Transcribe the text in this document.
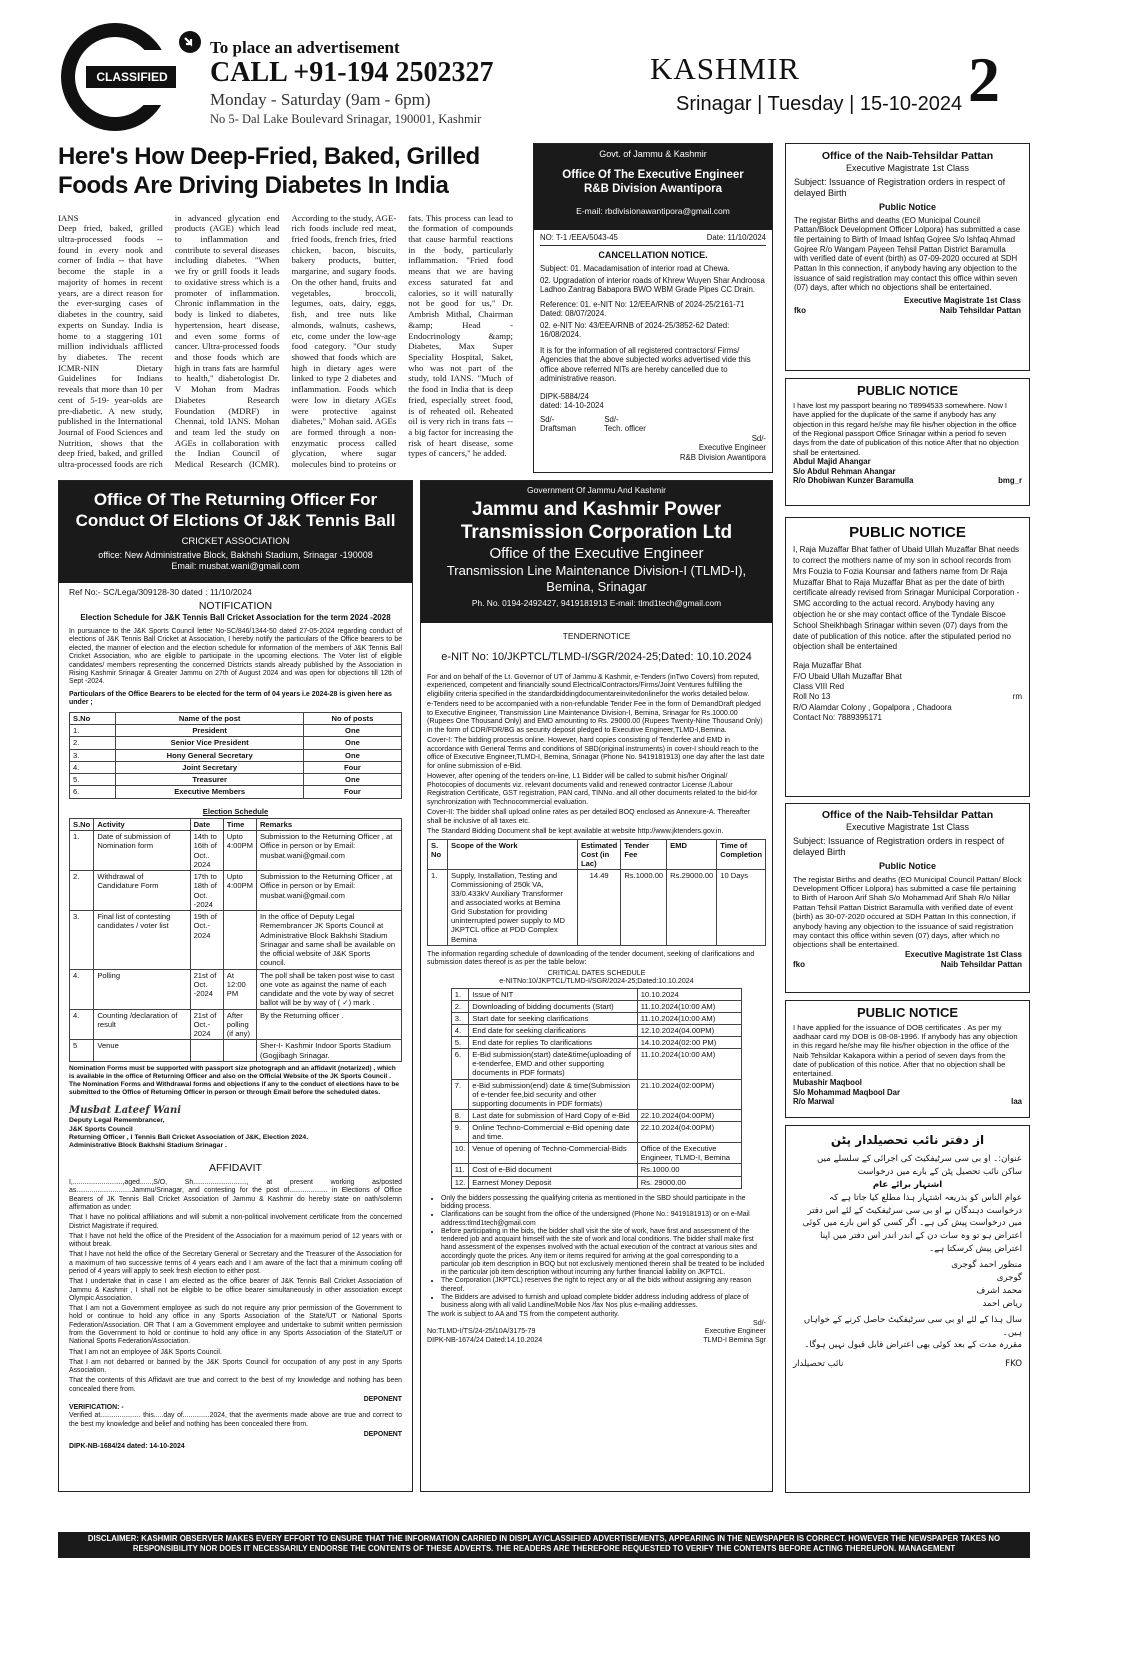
CLASSIFIED
To place an advertisement
CALL +91-194 2502327
Monday - Saturday (9am - 6pm)
No 5- Dal Lake Boulevard Srinagar, 190001, Kashmir
KASHMIR
Srinagar | Tuesday | 15-10-2024 2
Here's How Deep-Fried, Baked, Grilled
Foods Are Driving Diabetes In India
IANS
Deep fried, baked, grilled ultra-processed foods -- found in every nook and corner of India -- that have become the staple in a majority of homes in recent years, are a direct reason for the ever-surging cases of diabetes in the country, said experts on Sunday. India is home to a staggering 101 million individuals afflicted by diabetes. The recent ICMR-NIN Dietary Guidelines for Indians reveals that more than 10 per cent of 5-19- year-olds are pre-diabetic. A new study, published in the International Journal of Food Sciences and Nutrition, shows that the deep fried, baked, and grilled ultra-processed foods are rich in advanced glycation end products (AGE) which lead to inflammation and contribute to several diseases including diabetes. "When we fry or grill foods it leads to oxidative stress which is a promoter of inflammation. Chronic inflammation in the body is linked to diabetes, hypertension, heart disease, and even some forms of cancer. Ultra-processed foods and those foods which are high in trans fats are harmful to health," diabetologist Dr. V Mohan from Madras Diabetes Research Foundation (MDRF) in Chennai, told IANS. Mohan and team led the study on AGEs in collaboration with the Indian Council of Medical Research (ICMR). According to the study, AGE-rich foods include red meat, fried foods, french fries, fried chicken, bacon, biscuits, bakery products, butter, margarine, and sugary foods. On the other hand, fruits and vegetables, broccoli, legumes, oats, dairy, eggs, fish, and tree nuts like almonds, walnuts, cashews, etc, come under the low-age food category. "Our study showed that foods which are high in dietary ages were linked to type 2 diabetes and inflammation. Foods which were low in dietary AGEs were protective against diabetes," Mohan said. AGEs are formed through a non-enzymatic process called glycation, where sugar molecules bind to proteins or fats. This process can lead to the formation of compounds that cause harmful reactions in the body, particularly inflammation. "Fried food means that we are having excess saturated fat and calories, so it will naturally not be good for us," Dr. Ambrish Mithal, Chairman &amp; Head - Endocrinology &amp; Diabetes, Max Super Speciality Hospital, Saket, who was not part of the study, told IANS. "Much of the food in India that is deep fried, especially street food, is of reheated oil. Reheated oil is very rich in trans fats -- a big factor for increasing the risk of heart disease, some types of cancers," he added.
Govt. of Jammu & Kashmir
Office Of The Executive Engineer
R&B Division Awantipora
E-mail: rbdivisionawantipora@gmail.com
NO: T-1 /EEA/5043-45	Date: 11/10/2024
CANCELLATION NOTICE.

Subject: 01. Macadamisation of interior road at Chewa.

02. Upgradation of interior roads of Khrew Wuyen Shar Androosa Ladhoo Zantrag Babapora BWO WBM Grade Pipes CC Drain.

Reference: 01. e-NIT No: 12/EEA/RNB of 2024-25/2161-71 Dated: 08/07/2024.

02. e-NIT No: 43/EEA/RNB of 2024-25/3852-62 Dated: 16/08/2024.

It is for the information of all registered contractors/ Firms/ Agencies that the above subjected works advertised vide this office above referred NITs are hereby cancelled due to administrative reason.

DIPK-5884/24
dated: 14-10-2024
Sd/-	Sd/-
Draftsman	Tech. officer
Sd/-
Executive Engineer
R&B Division Awantipora
Office of the Naib-Tehsildar Pattan
Executive Magistrate 1st Class
Subject: Issuance of Registration orders in respect of delayed Birth
Public Notice
The registar Births and deaths (EO Municipal Council Pattan/Block Development Officer Lolpora) has submitted a case file pertaining to Birth of Imaad Ishfaq Gojree S/o Ishfaq Ahmad Gojree R/o Wangam Payeen Tehsil Pattan District Baramulla with verified date of event (birth) as 07-09-2020 occured at SDH Pattan In this connection, if anybody having any objection to the issuance of said registration may contact this office within seven (07) days, after which no objections shall be entertained.
Executive Magistrate 1st Class
fko	Naib Tehsildar Pattan
PUBLIC NOTICE
I have lost my passport bearing no T8994533 somewhere. Now I have applied for the duplicate of the same if anybody has any objection in this regard he/she may file his/her objection in the office of the Regional passport Office Srinagar within a period fo seven days from the date of publication of this notice After that no objection shall be entertained.
Abdul Majid Ahangar
S/o Abdul Rehman Ahangar
R/o Dhobiwan Kunzer Baramulla	bmg_r
Office Of The Returning Officer For
Conduct Of Elctions Of J&K Tennis Ball
CRICKET ASSOCIATION
office: New Administrative Block, Bakhshi Stadium, Srinagar -190008
Email: musbat.wani@gmail.com
Ref No:- SC/Lega/309128-30 dated : 11/10/2024
NOTIFICATION
Election Schedule for J&K Tennis Ball Cricket Association for the term 2024 -2028

In pursuance to the J&K Sports Council letter No-SC/846/1344-50 dated 27-05-2024 regarding conduct of elections of J&K Tennis Ball Cricket at Association, I hereby notify the particulars of the Office bearers to be elected, the manner of election and the election schedule for information of the members of J&K Tennis Ball Cricket Association, who are eligible to participate in the upcoming elections. The Voter list of eligible candidates/ members representing the concerned Districts stands already published by the Association in Rising Kashmir Srinagar & Greater Jammu on 27th of August 2024 and was open for objections till 12th of Sept -2024.

Particulars of the Office Bearers to be elected for the term of 04 years i.e 2024-28 is given here as under ;
S.No	Name of the post	No of posts
1.	President	One
2.	Senior Vice President	One
3.	Hony General Secretary	One
4.	Joint Secretary	Four
5.	Treasurer	One
6.	Executive Members	Four
Election Schedule
S.No	Activity	Date	Time	Remarks
1.	Date of submission of Nomination form	14th to 16th of Oct.. 2024	Upto 4:00PM	Submission to the Returning Officer , at Office in person or by Email: musbat.wani@gmail.com
2.	Withdrawal of Candidature Form	17th to 18th of Oct. -2024	Upto 4:00PM	Submission to the Returning Officer , at Office in person or by Email: musbat.wani@gmail.com
3.	Final list of contesting candidates / voter list	19th of Oct.- 2024		In the office of Deputy Legal Remembrancer JK Sports Council at Administrative Block Bakhshi Stadium Srinagar and same shall be available on the official website of J&K Sports council.
4.	Polling	21st of Oct. -2024	At 12:00 PM	The poll shall be taken post wise to cast one vote as against the name of each candidate and the vote by way of secret ballot will be by way of ( ✓) mark .
4.	Counting /declaration of result	21st of Oct.- 2024	After polling (if any)	By the Returning officer .
5	Venue			Sher-I- Kashmir Indoor Sports Stadium (Gogjibagh Srinagar.

Nomination Forms must be supported with passport size photograph and an affidavit (notarized) , which is available in the office of Returning Officer and also on the Official Website of the JK Sports Council . The Nomination Forms and Withdrawal forms and objections if any to the conduct of elections have to be submitted to the Office of Returning Officer in person or through Email before the scheduled dates.

Musbat Lateef Wani
Deputy Legal Remembrancer,
J&K Sports Council
Returning Officer , I Tennis Ball Cricket Association of J&K, Election 2024.
Administrative Block Bakhshi Stadium Srinagar .
AFFIDAVIT

I,..........................,aged......,S/O, Sh............................, at present working as/posted as.............................Jammu/Srinagar, and contesting for the post of.................... in Elections of Office Bearers of JK Tennis Ball Cricket Association of Jammu & Kashmir do hereby state on oath/solemn affirmation as under:

That I have no political affiliations and will submit a non-political involvement certificate from the concerned District Magistrate if required.

That I have not held the office of the President of the Association for a maximum period of 12 years with or without break.

That I have not held the office of the Secretary General or Secretary and the Treasurer of the Association for a maximum of two successive terms of 4 years each and I am aware of the fact that a minimum cooling off period of 4 years will apply to seek fresh election to either post.

That I undertake that in case I am elected as the office bearer of J&K Tennis Ball Cricket Association of Jammu & Kashmir , I shall not be eligible to be office bearer simultaneously in other association except Olympic Association.

That I am not a Government employee as such do not require any prior permission of the Government to hold or continue to hold any office in any Sports Association of the State/UT or National Sports Federation/Association. OR That I am a Government employee and undertake to submit written permission from the Government to hold or continue to hold any office in any Sports Association of the State/UT or National Sports Federation/Association.

That I am not an employee of J&K Sports Council.

That I am not debarred or banned by the J&K Sports Council for occupation of any post in any Sports Association.

That the contents of this Affidavit are true and correct to the best of my knowledge and nothing has been concealed there from.

DEPONENT
VERIFICATION: -

Verified at..................... this.....day of..............2024, that the averments made above are true and correct to the best my knowledge and belief and nothing has been concealed there from.

DEPONENT
DIPK-NB-1684/24 dated: 14-10-2024
Government Of Jammu And Kashmir
Jammu and Kashmir Power
Transmission Corporation Ltd
Office of the Executive Engineer
Transmission Line Maintenance Division-I (TLMD-I),
Bemina, Srinagar
Ph. No. 0194-2492427, 9419181913 E-mail: tlmd1tech@gmail.com
TENDERNOTICE
e-NIT No: 10/JKPTCL/TLMD-I/SGR/2024-25;Dated: 10.10.2024

For and on behalf of the Lt. Governor of UT of Jammu & Kashmir, e-Tenders (inTwo Covers) from reputed, experienced, competent and financially sound ElectricalContractors/Firms/Joint Ventures fulfilling the eligibility criteria specified in the standardbiddingdocumentareinvitedonlinefor the works detailed below.

e-Tenders need to be accompanied with a non-refundable Tender Fee in the form of DemandDraft pledged to Executive Engineer, Transmission Line Maintenance Division-I, Bemina, Srinagar for Rs.1000.00 (Rupees One Thousand Only) and EMD amounting to Rs. 29000.00 (Rupees Twenty-Nine Thousand Only) in the form of CDR/FDR/BG as security deposit pledged to Executive Engineer,TLMD-I,Bemina.

Cover-I: The bidding processis online. However, hard copies consisting of Tenderfee and EMD in accordance with General Terms and conditions of SBD(original instruments) in cover-I should reach to the office of Executive Engineer,TLMD-I, Bemina, Srinagar (Phone No. 9419181913) one day after the last date for online submission of e-Bid.

However, after opening of the tenders on-line, L1 Bidder will be called to submit his/her Original/ Photocopies of documents viz. relevant documents valid and renewed contractor License /Labour Registration Certificate, GST registration, PAN card, TINNo. and all other documents related to the bid-for synchronization with Technocommercial evaluation.

Cover-II: The bidder shall upload online rates as per detailed BOQ enclosed as Annexure-A. Thereafter shall be inclusive of all taxes etc.

The Standard Bidding Document shall be kept available at website http://www.jktenders.gov.in.

S. No	Scope of the Work	Estimated Cost (in Lac)	Tender Fee	EMD	Time of Completion
1.	Supply, Installation, Testing and Commissioning of 250k VA, 33/0.433kV Auxiliary Transformer and associated works at Bemina Grid Substation for providing uninterrupted power supply to MD JKPTCL office at PDD Complex Bemina	14.49	Rs.1000.00	Rs.29000.00	10 Days

The information regarding schedule of downloading of the tender document, seeking of clarifications and submission dates thereof is as per the table below:

CRITICAL DATES SCHEDULE
e-NITNo:10/JKPTCL/TLMD-I/SGR/2024-25;Dated:10.10.2024
1.	Issue of NIT	10.10.2024
2.	Downloading of bidding documents (Start)	11.10.2024(10:00 AM)
3.	Start date for seeking clarifications	11.10.2024(10:00 AM)
4.	End date for seeking clarifications	12.10.2024(04.00PM)
5.	End date for replies To clarifications	14.10.2024(02:00 PM)
6.	E-Bid submission(start) date&time(uploading of e-tenderfee, EMD and other supporting documents in PDF formats)	11.10.2024(10:00 AM)
7.	e-Bid submission(end) date & time(Submission of e-tender fee,bid security and other supporting documents in PDF formats)	21.10.2024(02:00PM)
8.	Last date for submission of Hard Copy of e-Bid	22.10.2024(04:00PM)
9.	Online Techno-Commercial e-Bid opening date and time.	22.10.2024(04:00PM)
10.	Venue of opening of Techno-Commercial-Bids	Office of the Executive Engineer, TLMD-I, Bemina
11.	Cost of e-Bid document	Rs.1000.00
12.	Earnest Money Deposit	Rs. 29000.00
• Only the bidders possessing the qualifying criteria as mentioned in the SBD should participate in the bidding process.
• Clarifications can be sought from the office of the undersigned (Phone No.: 9419181913) or on e-Mail address:tlmd1tech@gmail.com
• Before participating in the bids, the bidder shall visit the site of work, have first and assessment of the tendered job and acquaint himself with the site of work and local conditions. The bidder shall make first hand assessment of the expenses involved with the actual execution of the contract at various sites and accordingly quote the prices. Any item or items required for arriving at the goal corresponding to a particular job item description in BOQ but not exclusively mentioned therein shall be treated to be included in the particular job item description without incurring any further financial liability on JKPTCL.
• The Corporation (JKPTCL) reserves the right to reject any or all the bids without assigning any reason thereof.
• The Bidders are advised to furnish and upload complete bidder address including address of place of business along with all valid Landline/Mobile Nos /fax Nos plus e-mailing addresses.
The work is subject to AA and TS from the competent authority.
Sd/-
No:TLMD-I/TS/24-25/10A/3175-79	Executive Engineer
DIPK-NB-1674/24 Dated:14.10.2024	TLMD-I Bemina Sgr
PUBLIC NOTICE
I, Raja Muzaffar Bhat father of Ubaid Ullah Muzaffar Bhat needs to correct the mothers name of my son in school records from Mrs Fouzia to Fozia Kounsar and fathers name from Dr Raja Muzaffar Bhat to Raja Muzaffar Bhat as per the date of birth certificate already revised from Srinagar Municipal Corporation -SMC according to the actual record. Anybody having any objection he or she may contact office of the Tyndale Biscoe School Sheikhbagh Srinagar within seven (07) days from the date of publication of this notice. after the stipulated period no objection shall be entertained
Raja Muzaffar Bhat
F/O Ubaid Ullah Muzaffar Bhat
Class VIII Red
Roll No 13	rm
R/O Alamdar Colony , Gopalpora , Chadoora
Contact No: 7889395171
Office of the Naib-Tehsildar Pattan
Executive Magistrate 1st Class
Subject: Issuance of Registration orders in respect of delayed Birth
Public Notice
The registar Births and deaths (EO Municipal Council Pattan/ Block Development Officer Lolpora) has submitted a case file pertaining to Birth of Haroon Arif Shah S/o Mohammad Arif Shah R/o Nillar Pattan Tehsil Pattan District Baramulla with verified date of event (birth) as 30-07-2020 occured at SDH Pattan In this connection, if anybody having any objection to the issuance of said registration may contact this office within seven (07) days, after which no objections shall be entertained.
Executive Magistrate 1st Class
fko	Naib Tehsildar Pattan
PUBLIC NOTICE
I have applied for the issuance of DOB certificates . As per my aadhaar card my DOB is 08-08-1996. If anybody has any objection in this regard he/she may file his/her objection in the office of the Naib Tehsildar Kakapora within a period of seven days from the date of publication of this notice. After that no objection shall be entertained.
Mubashir Maqbool
S/o Mohammad Maqbool Dar
R/o Marwal	laa
از دفتر نائب تحصیلدار پٹن
عنوان:۔ او بی سی سرٹیفکیٹ کی اجرائی کے سلسلے میں
ساکن نائب تحصیل پٹن کے بارے میں درخواست
اشتہار برائے عام
عوام الناس کو بذریعہ اشتہار ہذا مطلع کیا جاتا ہے کہ درخواست دہندگان نے او بی سی سرٹیفکیٹ کے لئے اس دفتر میں درخواست پیش کی ہے۔ اگر کسی کو اس بارے میں کوئی اعتراض ہو تو وہ سات دن کے اندر اندر اس دفتر میں اپنا اعتراض پیش کرسکتا ہے۔
منظور احمد گوجری
گوجری
محمد اشرف
ریاض احمد
سال ہذا کے لئے او بی سی سرٹیفکیٹ حاصل کرنے کے خواہاں ہیں۔
مقررہ مدت کے بعد کوئی بھی اعتراض قابل قبول نہیں ہوگا۔
نائب تحصیلدار	FKO
DISCLAIMER: KASHMIR OBSERVER MAKES EVERY EFFORT TO ENSURE THAT THE INFORMATION CARRIED IN DISPLAY/CLASSIFIED ADVERTISEMENTS, APPEARING IN THE NEWSPAPER IS CORRECT. HOWEVER THE NEWSPAPER TAKES NO RESPONSIBILITY NOR DOES IT NECESSARILY ENDORSE THE CONTENTS OF THESE ADVERTS. THE READERS ARE THEREFORE REQUESTED TO VERIFY THE CONTENTS BEFORE ACTING THEREUPON. MANAGEMENT
